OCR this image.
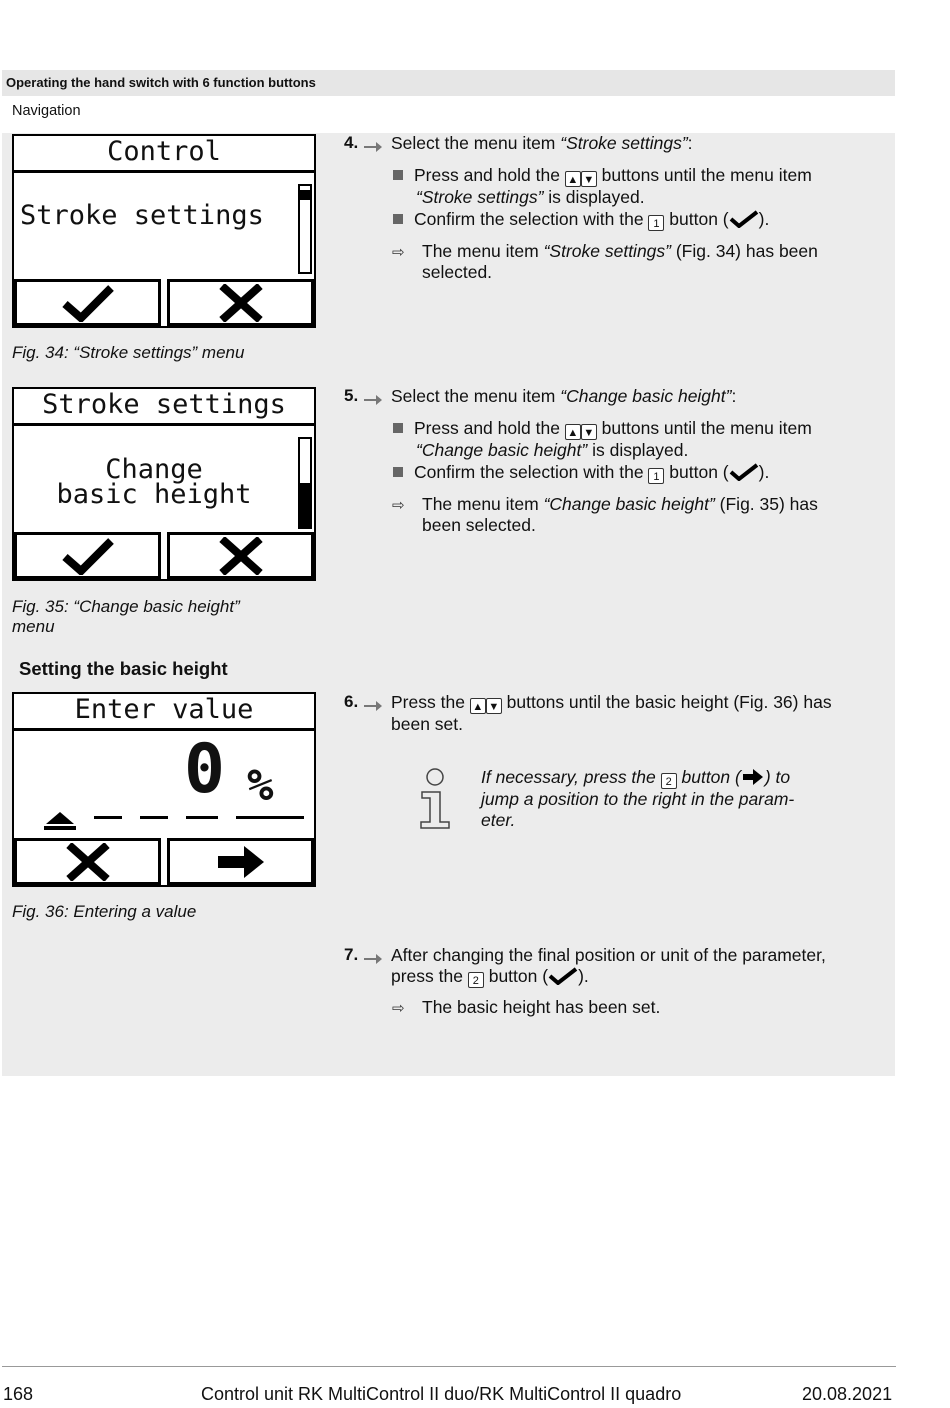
Operating the hand switch with 6 function buttons
Navigation
Control
Stroke settings
Fig. 34: “Stroke settings” menu
Stroke settings
Change
basic height
Fig. 35: “Change basic height”
menu
Setting the basic height
Enter value
0 %
Fig. 36: Entering a value
4. Select the menu item “Stroke settings”:
Press and hold the ▲ ▼ buttons until the menu item
“Stroke settings” is displayed.
Confirm the selection with the 1 button ( ).
⇨ The menu item “Stroke settings” (Fig. 34) has been
selected.
5. Select the menu item “Change basic height”:
Press and hold the ▲ ▼ buttons until the menu item
“Change basic height” is displayed.
Confirm the selection with the 1 button ( ).
⇨ The menu item “Change basic height” (Fig. 35) has
been selected.
6. Press the ▲ ▼ buttons until the basic height (Fig. 36) has
been set.
If necessary, press the 2 button ( ) to
jump a position to the right in the param-
eter.
7. After changing the final position or unit of the parameter,
press the 2 button ( ).
⇨ The basic height has been set.
168	Control unit RK MultiControl II duo/RK MultiControl II quadro	20.08.2021
